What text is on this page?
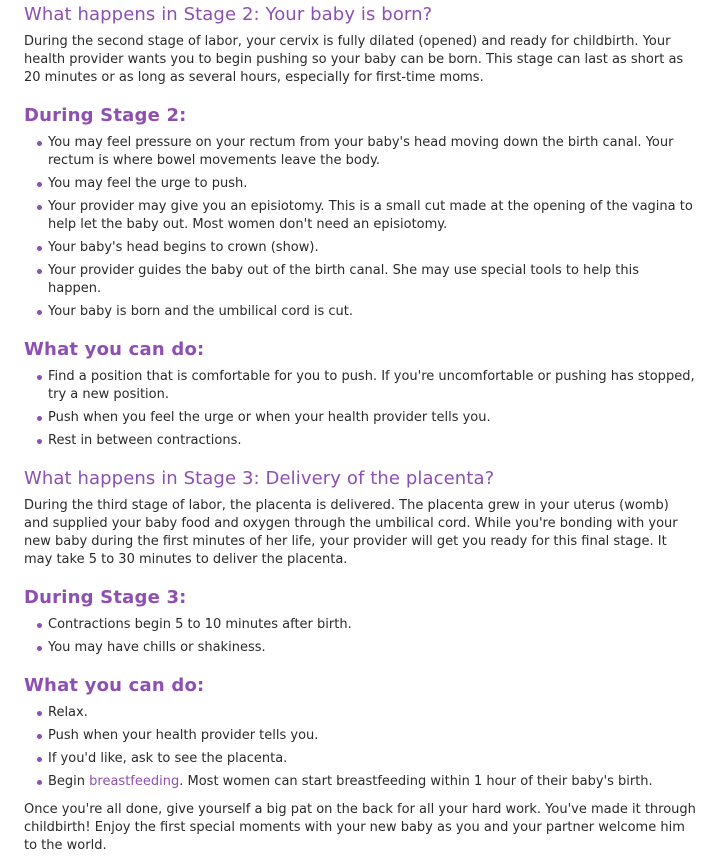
What happens in Stage 2: Your baby is born?

During the second stage of labor, your cervix is fully dilated (opened) and ready for childbirth. Your health provider wants you to begin pushing so your baby can be born. This stage can last as short as 20 minutes or as long as several hours, especially for first-time moms.

During Stage 2:
You may feel pressure on your rectum from your baby's head moving down the birth canal. Your rectum is where bowel movements leave the body.
You may feel the urge to push.
Your provider may give you an episiotomy. This is a small cut made at the opening of the vagina to help let the baby out. Most women don't need an episiotomy.
Your baby's head begins to crown (show).
Your provider guides the baby out of the birth canal. She may use special tools to help this happen.
Your baby is born and the umbilical cord is cut.
What you can do:
Find a position that is comfortable for you to push. If you're uncomfortable or pushing has stopped, try a new position.
Push when you feel the urge or when your health provider tells you.
Rest in between contractions.
What happens in Stage 3: Delivery of the placenta?

During the third stage of labor, the placenta is delivered. The placenta grew in your uterus (womb) and supplied your baby food and oxygen through the umbilical cord. While you're bonding with your new baby during the first minutes of her life, your provider will get you ready for this final stage. It may take 5 to 30 minutes to deliver the placenta.

During Stage 3:
Contractions begin 5 to 10 minutes after birth.
You may have chills or shakiness.
What you can do:
Relax.
Push when your health provider tells you.
If you'd like, ask to see the placenta.
Begin breastfeeding. Most women can start breastfeeding within 1 hour of their baby's birth.

Once you're all done, give yourself a big pat on the back for all your hard work. You've made it through childbirth! Enjoy the first special moments with your new baby as you and your partner welcome him to the world.
